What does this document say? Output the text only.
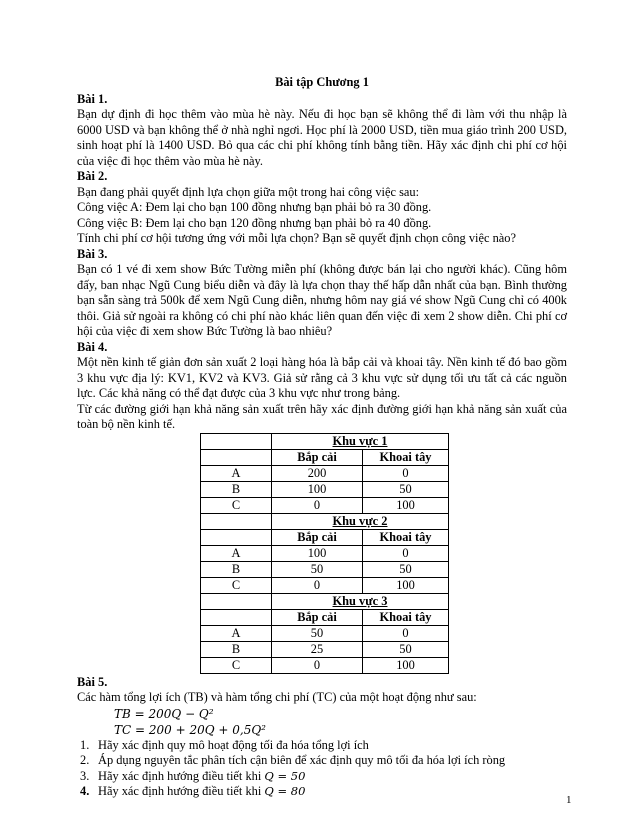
Bài tập Chương 1
Bài 1.
Bạn dự định đi học thêm vào mùa hè này. Nếu đi học bạn sẽ không thể đi làm với thu nhập là 6000 USD và bạn không thể ở nhà nghỉ ngơi. Học phí là 2000 USD, tiền mua giáo trình 200 USD, sinh hoạt phí là 1400 USD. Bỏ qua các chi phí không tính bằng tiền. Hãy xác định chi phí cơ hội của việc đi học thêm vào mùa hè này.
Bài 2.
Bạn đang phải quyết định lựa chọn giữa một trong hai công việc sau:
Công việc A: Đem lại cho bạn 100 đồng nhưng bạn phải bỏ ra 30 đồng.
Công việc B: Đem lại cho bạn 120 đồng nhưng bạn phải bỏ ra 40 đồng.
Tính chi phí cơ hội tương ứng với mỗi lựa chọn? Bạn sẽ quyết định chọn công việc nào?
Bài 3.
Bạn có 1 vé đi xem show Bức Tường miễn phí (không được bán lại cho người khác). Cũng hôm đấy, ban nhạc Ngũ Cung biểu diễn và đây là lựa chọn thay thế hấp dẫn nhất của bạn. Bình thường bạn sẵn sàng trả 500k để xem Ngũ Cung diễn, nhưng hôm nay giá vé show Ngũ Cung chỉ có 400k thôi. Giả sử ngoài ra không có chi phí nào khác liên quan đến việc đi xem 2 show diễn. Chi phí cơ hội của việc đi xem show Bức Tường là bao nhiêu?
Bài 4.
Một nền kinh tế giản đơn sản xuất 2 loại hàng hóa là bắp cải và khoai tây. Nền kinh tế đó bao gồm 3 khu vực địa lý: KV1, KV2 và KV3. Giả sử rằng cả 3 khu vực sử dụng tối ưu tất cả các nguồn lực. Các khả năng có thể đạt được của 3 khu vực như trong bảng.
Từ các đường giới hạn khả năng sản xuất trên hãy xác định đường giới hạn khả năng sản xuất của toàn bộ nền kinh tế.
	Khu vực 1	
	Bắp cải	Khoai tây
A	200	0
B	100	50
C	0	100
	Khu vực 2	
	Bắp cải	Khoai tây
A	100	0
B	50	50
C	0	100
	Khu vực 3	
	Bắp cải	Khoai tây
A	50	0
B	25	50
C	0	100
Bài 5.
Các hàm tổng lợi ích (TB) và hàm tổng chi phí (TC) của một hoạt động như sau:
TB = 200Q − Q²
TC = 200 + 20Q + 0,5Q²
1. Hãy xác định quy mô hoạt động tối đa hóa tổng lợi ích
2. Áp dụng nguyên tắc phân tích cận biên để xác định quy mô tối đa hóa lợi ích ròng
3. Hãy xác định hướng điều tiết khi Q = 50
4. Hãy xác định hướng điều tiết khi Q = 80
1
